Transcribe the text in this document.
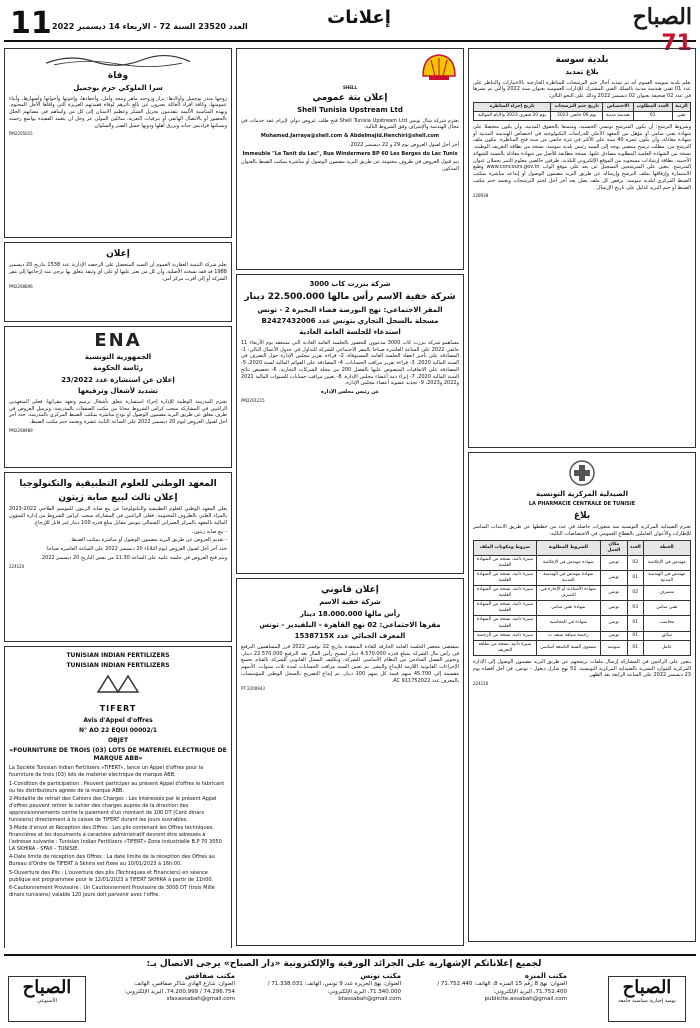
11 العدد 23520 السنة 72 - الاربعاء 14 ديسمبر 2022	إعلانات	الصباح 71
بلدية سوسة
بلاغ تمديد

تعلم بلدية سوسة العموم أنه تم تمديد آجال ختم الترشحات للمناظرة الخارجية بالاختبارات والتناظر على عدد 01 تقني هندسة مدنية بالسلك الفني المشترك للإدارات العمومية بعنوان سنة 2022 والتي تم نشرها في عدد 02 صحيفة بعنوان 02 ديسمبر 2022 وذلك على النحو التالي:

الرتبة	العدد المطلوب	الاختصاص	تاريخ ختم الترشحات	تاريخ إجراء المناظرة
تقني	01	هندسة مدنية	يوم 06 جانفي 2023	يوم 20 فيفري 2023 والأيام الموالية

وشروط الترشح: أن يكون المترشح تونسي الجنسية، ومتمتعا بالحقوق المدنية، وأن يكون متحصلا على شهادة تقني سامي أو مؤهل من المعهد الأعلى للدراسات التكنولوجية في اختصاص الهندسة المدنية أو شهادة معادلة، وأن يكون عمره 40 سنة على الأكثر في غرة جانفي من سنة فتح المناظرة. يتكون ملف الترشح من: مطلب ترشح ممضى يوجه إلى السيد رئيس بلدية سوسة، نسخة من بطاقة التعريف الوطنية، نسخة من الشهادة العلمية المطلوبة مصادق عليها، نسخة مطابقة للأصل من شهادة معادلة بالنسبة للشهائد الأجنبية، بطاقة إرشادات مسحوبة من الموقع الإلكتروني للبلدية، ظرفين خالصي معلوم التنبر يحملان عنوان المترشح. يتعين على المترشحين التسجيل عن بعد على موقع الواب www.concours.gov.tn وطبع الاستمارة وإرفاقها بملف الترشح وإرساله عن طريق البريد مضمون الوصول أو إيداعه مباشرة بمكتب الضبط المركزي لبلدية سوسة. يرفض كل ملف يصل بعد آخر أجل لختم الترشحات ويعتمد ختم مكتب الضبط أو ختم البريد كدليل على تاريخ الإرسال.

228938
الصيدلية المركزية التونسية
LA PHARMACIE CENTRALE DE TUNISIE
بلاغ

تعتزم الصيدلية المركزية التونسية سد شغورات حاصلة في عدد من خططها عن طريق الانتداب المباشر للإطارات والأعوان العاملين بالقطاع العمومي في الاختصاصات التالية:

الخطة	العدد	مكان العمل	الشروط المطلوبة	شروط ومكونات الملف
مهندس في الإعلامية	02	تونس	شهادة مهندس في الإعلامية	سيرة ذاتية، نسخة من الشهادة العلمية
مهندس في الهندسة المدنية	01	تونس	شهادة مهندس في الهندسة المدنية	سيرة ذاتية، نسخة من الشهادة العلمية
متصرف	02	تونس	شهادة الأستاذية أو الإجازة في التصرف	سيرة ذاتية، نسخة من الشهادة العلمية
تقني سامي	03	تونس	شهادة تقني سامي	سيرة ذاتية، نسخة من الشهادة العلمية
محاسب	01	تونس	شهادة في المحاسبة	سيرة ذاتية، نسخة من الشهادة العلمية
سائق	01	تونس	رخصة سياقة صنف ب	سيرة ذاتية، نسخة من الرخصة
عامل	01	سوسة	مستوى السنة التاسعة أساسي	سيرة ذاتية، نسخة من بطاقة التعريف

يتعين على الراغبين في المشاركة إرسال ملفات ترشحهم عن طريق البريد مضمون الوصول إلى الإدارة المركزية للموارد البشرية بالصيدلية المركزية التونسية، 51 نهج شارل ديغول - تونس، في أجل أقصاه يوم 23 ديسمبر 2022 على الساعة الرابعة بعد الظهر.

224116
SHELL
إعلان بتة عمومي
Shell Tunisia Upstream Ltd

تعتزم شركة شال تونس Shell Tunisia Upstream Ltd فتح طلب عروض دولي لإبرام عقد خدمات في مجال الهندسة والإشراف وفق الشروط التالية:

Mohamed.Jarraya@shell.com & Abdelmajid.Henchiri@shell.com

آخر أجل لقبول العروض يوم 29 و 22 ديسمبر 2022.

Immeuble "Le Tanit du Lac", Rue Windermere BP 60 Les Berges du Lac Tunis

يتم قبول العروض في ظروف مختومة عن طريق البريد مضمون الوصول أو مباشرة بمكتب الضبط بالعنوان المذكور.

شركة بنزرت كاب 3000
شركة خفية الاسم رأس مالها 22.500.000 دينار
المقر الاجتماعي: نهج البورصة فضاء البحيرة 2 - تونس
مسجلة بالسجل التجاري بتونس عدد B2427432006
استدعاء للجلسة العامة العادية

مساهمو شركة بنزرت كاب 3000 مدعوون للحضور بالجلسة العامة العادية التي ستنعقد يوم الأربعاء 11 جانفي 2022 على الساعة العاشرة صباحا بالمقر الاجتماعي للشركة للتداول في جدول الأعمال التالي: 1- المصادقة على تأخير انعقاد الجلسة العامة المستوفاة، 2- قراءة تقرير مجلس الإدارة حول التصرف في السنة المالية 2020، 3- قراءة تقرير مراقب الحسابات، 4- المصادقة على القوائم المالية لسنة 2020، 5- المصادقة على الاتفاقيات المنصوص عليها بالفصل 200 من مجلة الشركات التجارية، 6- تخصيص نتائج السنة المالية 2020، 7- إبراء ذمة أعضاء مجلس الإدارة، 8- تعيين مراقب حسابات للسنوات المالية 2021 و2022 و2023، 9- تجديد عضوية أعضاء مجلس الإدارة.

عن رئيس مجلس الإدارة

PM2201215
إعلان قانوني
شركة خفية الاسم
رأس مالها 18.000.000 دينار
مقرها الاجتماعي: 02 نهج القاهرة - البلفيدير - تونس
المعرف الجبائي عدد 1538715X

بمقتضى محضر الجلسة العامة الخارقة للعادة المنعقدة بتاريخ 22 نوفمبر 2022 قرر المساهمون الترفيع في رأس مال الشركة بمبلغ قدره 4.570.000 دينار ليصبح رأس المال بعد الترفيع 22.570.000 دينار، وتحوير الفصل السادس من النظام الأساسي للشركة، وتكليف الممثل القانوني للشركة بالقيام بجميع الإجراءات القانونية اللازمة للإيداع والنشر. تم تعيين السيد مراقب الحسابات لمدة ثلاث سنوات. الأسهم مقسمة إلى 45.700 سهم قيمة كل سهم 100 دينار. تم إيداع التصريح بالسجل الوطني للمؤسسات بالمعرف عدد AC 911752022.

PT 2200943
وفاة
سرا الملوكي حرم بوجميل

زوجها منذر بوجميل وأولادها: نزار وزوجته ماهر ومجد وأمل، وأحفادها، وإخوتها وأخواتها وأصهارها، وأبناء عمومتها، وكافة أفراد العائلة يعبرون عن بالغ تأثرهم لوفاة فقيدتهم العزيزة التي وافاها الأجل المحتوم. وبهذه المناسبة الأليمة يتقدمون بجزيل الشكر وعظيم الامتنان إلى كل من واساهم في مصابهم الجلل بالحضور أو بالاتصال الهاتفي أو ببرقيات التعزية، سائلين المولى عز وجل أن يتغمد الفقيدة بواسع رحمته ويسكنها فراديس جنانه ويرزق أهلها وذويها جميل الصبر والسلوان.

PM2205015
إعلان

تعلم شركة التنمية العقارية العموم أن السيد المتحصل على الرخصة الإدارية عدد 1538 بتاريخ 20 ديسمبر 1988 قد فقد نسخته الأصلية، وأن كل من يعثر عليها أو على أي وثيقة تتعلق بها يرجى منه إرجاعها إلى مقر الشركة أو إلى أقرب مركز أمن.

PM2208896
ENA
الجمهورية التونسية
رئاسة الحكومة
إعلان عن استشارة عدد 23/2022
تشديد لأشغال وترقيعها

تعتزم المدرسة الوطنية للإدارة إجراء استشارة تتعلق بأشغال ترميم وتعهد مقراتها. فعلى المتعهدين الراغبين في المشاركة سحب كراس الشروط مجانا من مكتب الصفقات بالمدرسة، وترسل العروض في ظرف مغلق عن طريق البريد مضمون الوصول أو تودع مباشرة بمكتب الضبط المركزي بالمدرسة. حدد آخر أجل لقبول العروض ليوم 20 ديسمبر 2022 على الساعة الثانية عشرة ويعتمد ختم مكتب الضبط.

PM2208989
المعهد الوطني للعلوم التطبيقية والتكنولوجيا
إعلان ثالث لبيع صابة زيتون

يعلن المعهد الوطني للعلوم التطبيقية والتكنولوجيا عن بيع صابة الزيتون للموسم الفلاحي 2022-2023 بالمزاد العلني بالظروف المختومة. فعلى الراغبين في المشاركة سحب كراس الشروط من إدارة الشؤون المالية بالمعهد بالمركز العمراني الشمالي بتونس مقابل مبلغ قدره 100 دينار غير قابل للإرجاع.

- بيع صابة زيتون.

- تقديم العروض عن طريق البريد مضمون الوصول أو مباشرة بمكتب الضبط.

حدد آخر أجل لقبول العروض ليوم الثلاثاء 20 ديسمبر 2022 على الساعة العاشرة صباحا.

ويتم فتح العروض في جلسة علنية على الساعة 11.30 من نفس التاريخ 20 ديسمبر 2022.

224120
TUNISIAN INDIAN FERTILIZERS
TUNISIAN INDIAN FERTILIZERS
TIFERT
Avis d'Appel d'offres
N° AO 22 EQUI 00002/1
OBJET
«FOURNITURE DE TROIS (03) LOTS DE MATERIEL ELECTRIQUE DE MARQUE ABB»

La Société Tunisian Indian Fertilizers «TIFERT», lance un Appel d'offres pour la fourniture de trois (03) lots de matériel électrique de marque ABB.

1-Condition de participation : Peuvent participer au présent Appel d'offres le fabricant ou les distributeurs agréés de la marque ABB.

2-Modalité de retrait des Cahiers des Charges : Les intéressés par le présent Appel d'offres peuvent retirer le cahier des charges auprès de la direction des approvisionnements contre le paiement d'un montant de 100 DT (Cent dinars tunisiens) directement à la caisse de TIFERT durant les jours ouvrables.

3-Mode d'envoi et Réception des Offres : Les plis contenant les Offres techniques, financières et les documents à caractère administratif devront être adressés à l'adresse suivante : Tunisian Indian Fertilizers «TIFERT» Zone industrielle B.P 70 3050 LA SKHIRA - SFAX - TUNISIE.

4-Date limite de réception des Offres : La date limite de la réception des Offres au Bureau d'Ordre de TIFERT à Skhira est fixée au 10/01/2023 à 16h:00.

5-Ouverture des Plis : L'ouverture des plis (Techniques et Financiers) en séance publique est programmée pour le 12/01/2023 à TIFERT SKHIRA à partir de 11h00.

6-Cautionnement Provisoire : Un Cautionnement Provisoire de 3000 DT (trois Mille dinars tunisiens) valable 120 jours doit parvenir avec l'offre.

لجميع إعلاناتكم الإشهارية على الجرائد الورقية والإلكترونية «دار الصباح» يرجى الاتصال بـ:
الصباح
الأسبوعي
مكتب صفاقس
العنوان: شارع الهادي شاكر صفاقس، الهاتف: 74.296.754 / 74.200.999، البريد الإلكتروني: sfaxassabah@gmail.com
مكتب تونس
العنوان: نهج الجزيرة عدد 9 تونس، الهاتف: 71.338.031 / 71.340.000، البريد الإلكتروني: btassabah@gmail.com
مكتب المنزه
العنوان: نهج 8 رقم 15 المنزه 8، الهاتف: 71.752.440 / 71.752.400، البريد الإلكتروني: publicite.assabah@gmail.com
الصباح
يومية إخبارية سياسية جامعة
